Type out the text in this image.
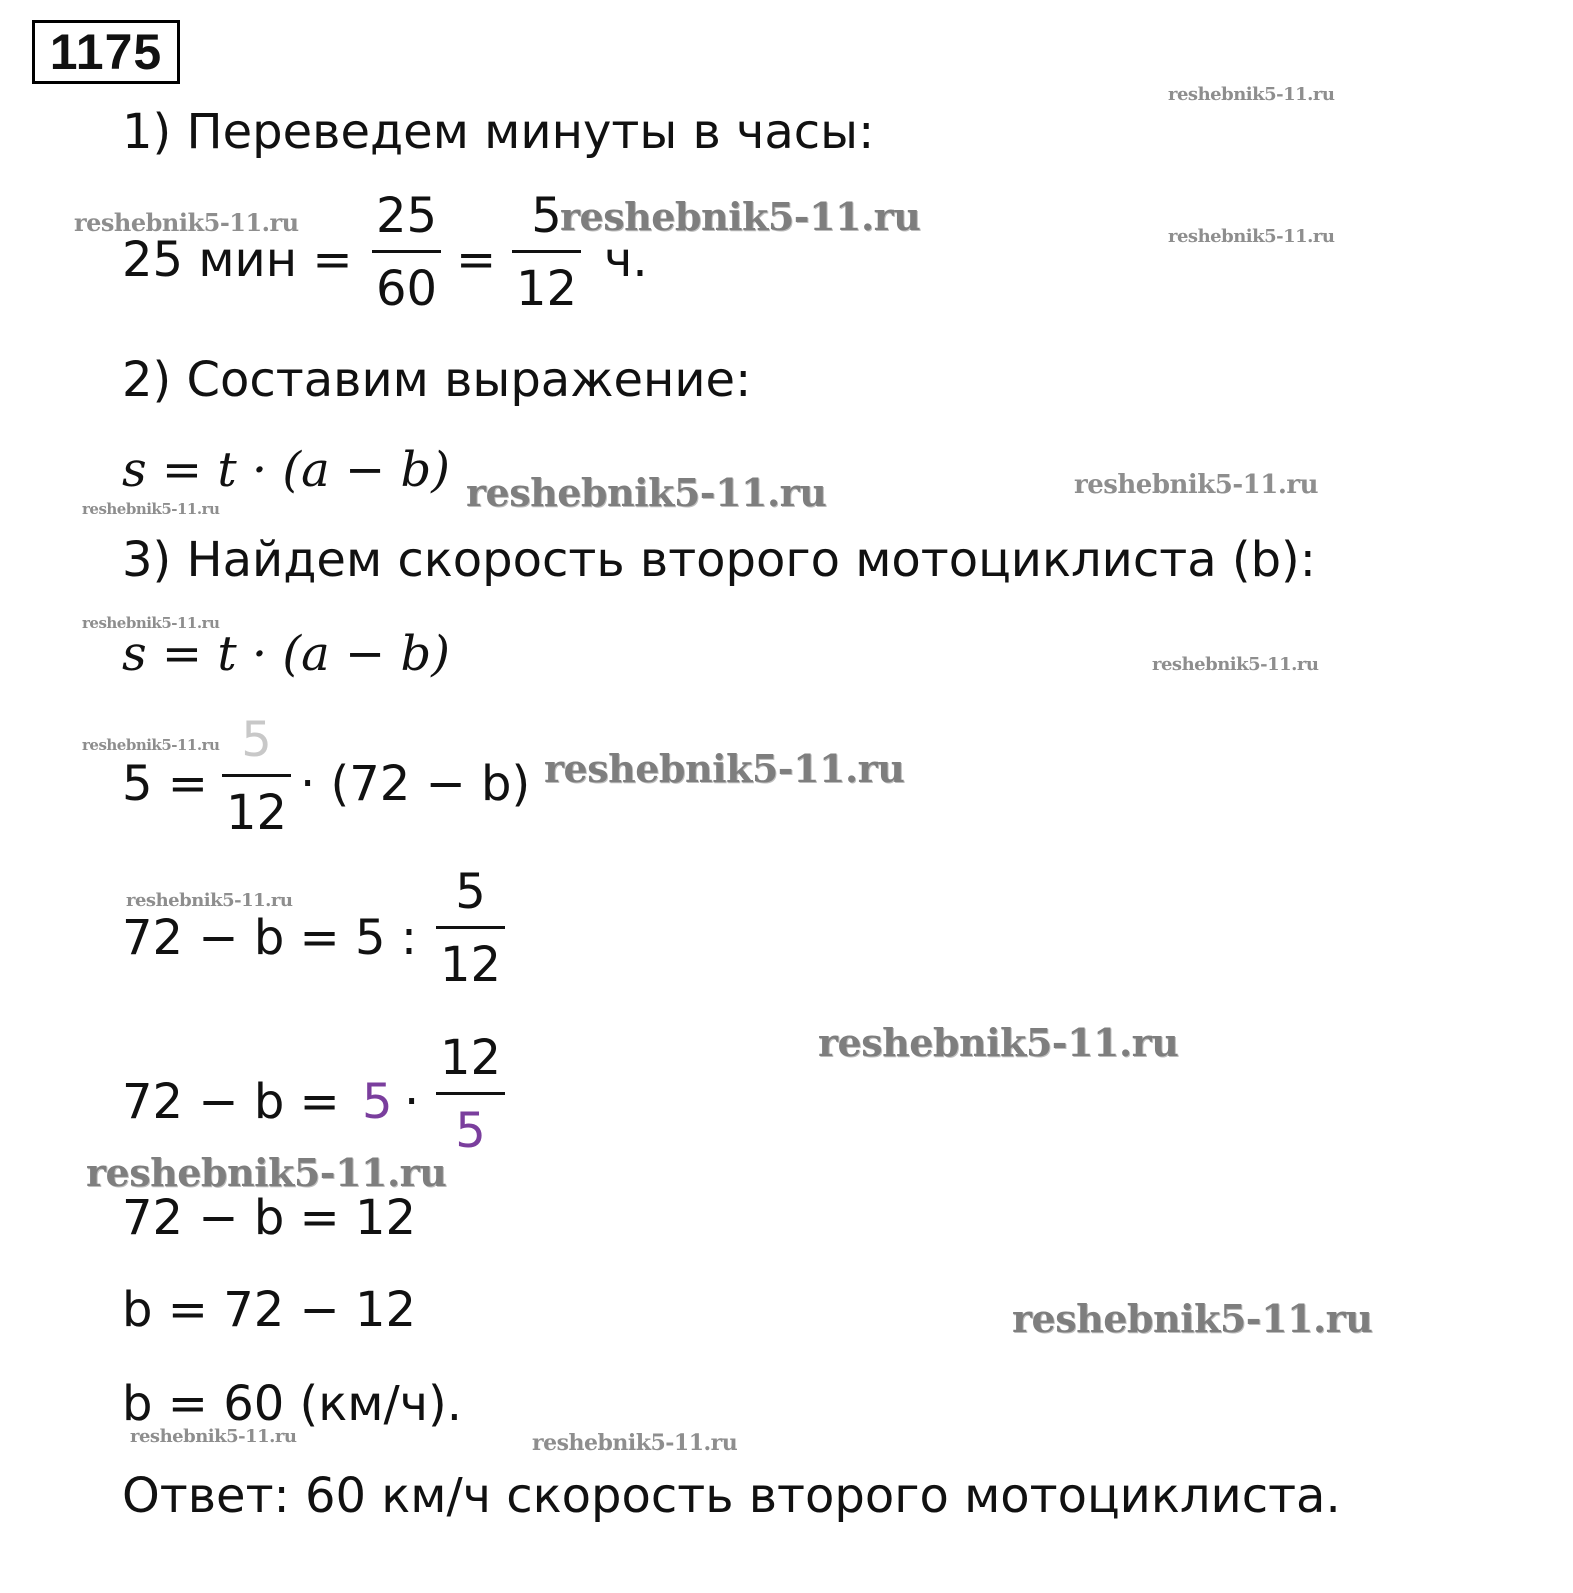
1175
1) Переведем минуты в часы:
25 мин =
25
60
=
5
12
ч.
2) Составим выражение:
s = t · (a − b)
3) Найдем скорость второго мотоциклиста (b):
s = t · (a − b)
5 =
5
12
· (72 − b)
72 − b = 5 :
5
12
72 − b = 5 ·
12
5
72 − b = 12
b = 72 − 12
b = 60 (км/ч).
Ответ: 60 км/ч скорость второго мотоциклиста.
reshebnik5-11.ru
reshebnik5-11.ru	reshebnik5-11.ru	reshebnik5-11.ru
reshebnik5-11.ru	reshebnik5-11.ru
reshebnik5-11.ru
reshebnik5-11.ru
reshebnik5-11.ru
reshebnik5-11.ru
reshebnik5-11.ru
reshebnik5-11.ru
reshebnik5-11.ru
reshebnik5-11.ru
reshebnik5-11.ru
reshebnik5-11.ru	reshebnik5-11.ru
